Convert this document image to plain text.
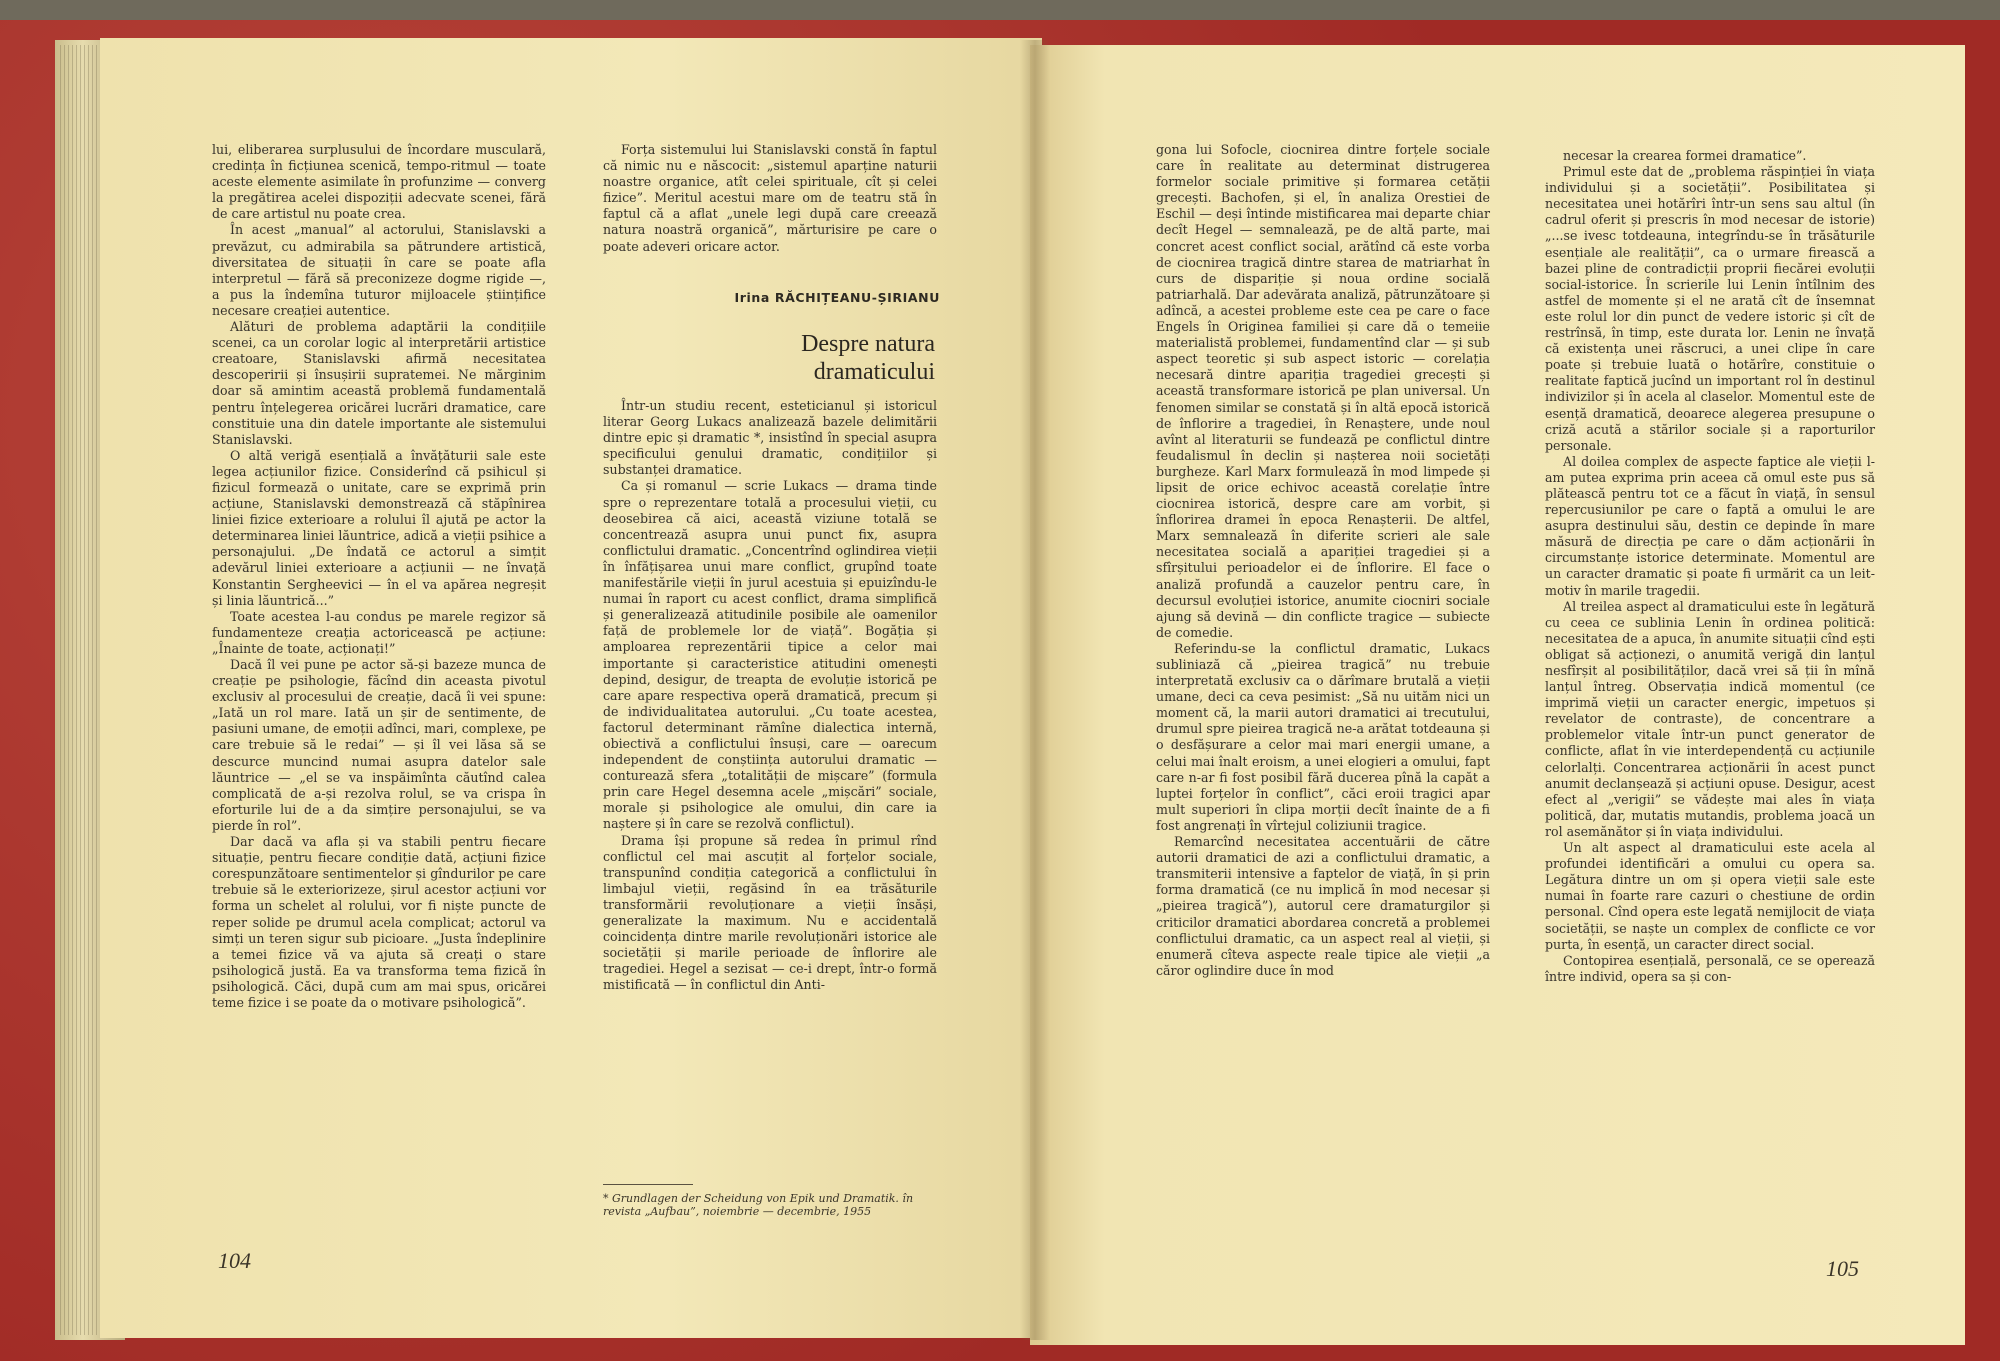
lui, eliberarea surplusului de încordare musculară, credința în ficțiunea scenică, tempo-ritmul — toate aceste elemente asimilate în profunzime — converg la pregătirea acelei dispoziții adecvate scenei, fără de care artistul nu poate crea.

În acest „manual” al actorului, Stanislavski a prevăzut, cu admirabila sa pătrundere artistică, diversitatea de situații în care se poate afla interpretul — fără să preconizeze dogme rigide —, a pus la îndemîna tuturor mijloacele științifice necesare creației autentice.

Alături de problema adaptării la condițiile scenei, ca un corolar logic al interpretării artistice creatoare, Stanislavski afirmă necesitatea descoperirii și însușirii supratemei. Ne mărginim doar să amintim această problemă fundamentală pentru înțelegerea oricărei lucrări dramatice, care constituie una din datele importante ale sistemului Stanislavski.

O altă verigă esențială a învățăturii sale este legea acțiunilor fizice. Considerînd că psihicul și fizicul formează o unitate, care se exprimă prin acțiune, Stanislavski demonstrează că stăpînirea liniei fizice exterioare a rolului îl ajută pe actor la determinarea liniei lăuntrice, adică a vieții psihice a personajului. „De îndată ce actorul a simțit adevărul liniei exterioare a acțiunii — ne învață Konstantin Sergheevici — în el va apărea negreșit și linia lăuntrică...”

Toate acestea l-au condus pe marele regizor să fundamenteze creația actoricească pe acțiune: „Înainte de toate, acționați!”

Dacă îl vei pune pe actor să-și bazeze munca de creație pe psihologie, făcînd din aceasta pivotul exclusiv al procesului de creație, dacă îi vei spune: „Iată un rol mare. Iată un șir de sentimente, de pasiuni umane, de emoții adînci, mari, complexe, pe care trebuie să le redai” — și îl vei lăsa să se descurce muncind numai asupra datelor sale lăuntrice — „el se va inspăimînta căutînd calea complicată de a-și rezolva rolul, se va crispa în eforturile lui de a da simțire personajului, se va pierde în rol”.

Dar dacă va afla și va stabili pentru fiecare situație, pentru fiecare condiție dată, acțiuni fizice corespunzătoare sentimentelor și gîndurilor pe care trebuie să le exteriorizeze, șirul acestor acțiuni vor forma un schelet al rolului, vor fi niște puncte de reper solide pe drumul acela complicat; actorul va simți un teren sigur sub picioare. „Justa îndeplinire a temei fizice vă va ajuta să creați o stare psihologică justă. Ea va transforma tema fizică în psihologică. Căci, după cum am mai spus, oricărei teme fizice i se poate da o motivare psihologică”.

Forța sistemului lui Stanislavski constă în faptul că nimic nu e născocit: „sistemul aparține naturii noastre organice, atît celei spirituale, cît și celei fizice”. Meritul acestui mare om de teatru stă în faptul că a aflat „unele legi după care creează natura noastră organică”, mărturisire pe care o poate adeveri oricare actor.

Irina RĂCHIȚEANU-ȘIRIANU
Despre natura
dramaticului

Într-un studiu recent, esteticianul și istoricul literar Georg Lukacs analizează bazele delimitării dintre epic și dramatic *, insistînd în special asupra specificului genului dramatic, condițiilor și substanței dramatice.

Ca și romanul — scrie Lukacs — drama tinde spre o reprezentare totală a procesului vieții, cu deosebirea că aici, această viziune totală se concentrează asupra unui punct fix, asupra conflictului dramatic. „Concentrînd oglindirea vieții în înfățișarea unui mare conflict, grupînd toate manifestările vieții în jurul acestuia și epuizîndu-le numai în raport cu acest conflict, drama simplifică și generalizează atitudinile posibile ale oamenilor față de problemele lor de viață”. Bogăția și amploarea reprezentării tipice a celor mai importante și caracteristice atitudini omenești depind, desigur, de treapta de evoluție istorică pe care apare respectiva operă dramatică, precum și de individualitatea autorului. „Cu toate acestea, factorul determinant rămîne dialectica internă, obiectivă a conflictului însuși, care — oarecum independent de conștiința autorului dramatic — conturează sfera „totalității de mișcare” (formula prin care Hegel desemna acele „mișcări” sociale, morale și psihologice ale omului, din care ia naștere și în care se rezolvă conflictul).

Drama își propune să redea în primul rînd conflictul cel mai ascuțit al forțelor sociale, transpunînd condiția categorică a conflictului în limbajul vieții, regăsind în ea trăsăturile transformării revoluționare a vieții însăși, generalizate la maximum. Nu e accidentală coincidența dintre marile revoluționări istorice ale societății și marile perioade de înflorire ale tragediei. Hegel a sezisat — ce-i drept, într-o formă mistificată — în conflictul din Anti-

* Grundlagen der Scheidung von Epik und Dramatik. în revista „Aufbau”, noiembrie — decembrie, 1955
104

gona lui Sofocle, ciocnirea dintre forțele sociale care în realitate au determinat distrugerea formelor sociale primitive și formarea cetății grecești. Bachofen, și el, în analiza Orestiei de Eschil — deși întinde mistificarea mai departe chiar decît Hegel — semnalează, pe de altă parte, mai concret acest conflict social, arătînd că este vorba de ciocnirea tragică dintre starea de matriarhat în curs de dispariție și noua ordine socială patriarhală. Dar adevărata analiză, pătrunzătoare și adîncă, a acestei probleme este cea pe care o face Engels în Originea familiei și care dă o temeiie materialistă problemei, fundamentînd clar — și sub aspect teoretic și sub aspect istoric — corelația necesară dintre apariția tragediei grecești și această transformare istorică pe plan universal. Un fenomen similar se constată și în altă epocă istorică de înflorire a tragediei, în Renaștere, unde noul avînt al literaturii se fundează pe conflictul dintre feudalismul în declin și nașterea noii societăți burgheze. Karl Marx formulează în mod limpede și lipsit de orice echivoc această corelație între ciocnirea istorică, despre care am vorbit, și înflorirea dramei în epoca Renașterii. De altfel, Marx semnalează în diferite scrieri ale sale necesitatea socială a apariției tragediei și a sfîrșitului perioadelor ei de înflorire. El face o analiză profundă a cauzelor pentru care, în decursul evoluției istorice, anumite ciocniri sociale ajung să devină — din conflicte tragice — subiecte de comedie.

Referindu-se la conflictul dramatic, Lukacs subliniază că „pieirea tragică” nu trebuie interpretată exclusiv ca o dărîmare brutală a vieții umane, deci ca ceva pesimist: „Să nu uităm nici un moment că, la marii autori dramatici ai trecutului, drumul spre pieirea tragică ne-a arătat totdeauna și o desfășurare a celor mai mari energii umane, a celui mai înalt eroism, a unei elogieri a omului, fapt care n-ar fi fost posibil fără ducerea pînă la capăt a luptei forțelor în conflict”, căci eroii tragici apar mult superiori în clipa morții decît înainte de a fi fost angrenați în vîrtejul coliziunii tragice.

Remarcînd necesitatea accentuării de către autorii dramatici de azi a conflictului dramatic, a transmiterii intensive a faptelor de viață, în și prin forma dramatică (ce nu implică în mod necesar și „pieirea tragică”), autorul cere dramaturgilor și criticilor dramatici abordarea concretă a problemei conflictului dramatic, ca un aspect real al vieții, și enumeră cîteva aspecte reale tipice ale vieții „a căror oglindire duce în mod

necesar la crearea formei dramatice”.

Primul este dat de „problema răspinției în viața individului și a societății”. Posibilitatea și necesitatea unei hotărîri într-un sens sau altul (în cadrul oferit și prescris în mod necesar de istorie) „...se ivesc totdeauna, integrîndu-se în trăsăturile esențiale ale realității”, ca o urmare firească a bazei pline de contradicții proprii fiecărei evoluții social-istorice. În scrierile lui Lenin întîlnim des astfel de momente și el ne arată cît de însemnat este rolul lor din punct de vedere istoric și cît de restrînsă, în timp, este durata lor. Lenin ne învață că existența unei răscruci, a unei clipe în care poate și trebuie luată o hotărîre, constituie o realitate faptică jucînd un important rol în destinul indivizilor și în acela al claselor. Momentul este de esență dramatică, deoarece alegerea presupune o criză acută a stărilor sociale și a raporturilor personale.

Al doilea complex de aspecte faptice ale vieții l-am putea exprima prin aceea că omul este pus să plătească pentru tot ce a făcut în viață, în sensul repercusiunilor pe care o faptă a omului le are asupra destinului său, destin ce depinde în mare măsură de direcția pe care o dăm acționării în circumstanțe istorice determinate. Momentul are un caracter dramatic și poate fi urmărit ca un leit-motiv în marile tragedii.

Al treilea aspect al dramaticului este în legătură cu ceea ce sublinia Lenin în ordinea politică: necesitatea de a apuca, în anumite situații cînd ești obligat să acționezi, o anumită verigă din lanțul nesfîrșit al posibilităților, dacă vrei să ții în mînă lanțul întreg. Observația indică momentul (ce imprimă vieții un caracter energic, impetuos și revelator de contraste), de concentrare a problemelor vitale într-un punct generator de conflicte, aflat în vie interdependență cu acțiunile celorlalți. Concentrarea acționării în acest punct anumit declanșează și acțiuni opuse. Desigur, acest efect al „verigii” se vădește mai ales în viața politică, dar, mutatis mutandis, problema joacă un rol asemănător și în viața individului.

Un alt aspect al dramaticului este acela al profundei identificări a omului cu opera sa. Legătura dintre un om și opera vieții sale este numai în foarte rare cazuri o chestiune de ordin personal. Cînd opera este legată nemijlocit de viața societății, se naște un complex de conflicte ce vor purta, în esență, un caracter direct social.

Contopirea esențială, personală, ce se operează între individ, opera sa și con-

105
